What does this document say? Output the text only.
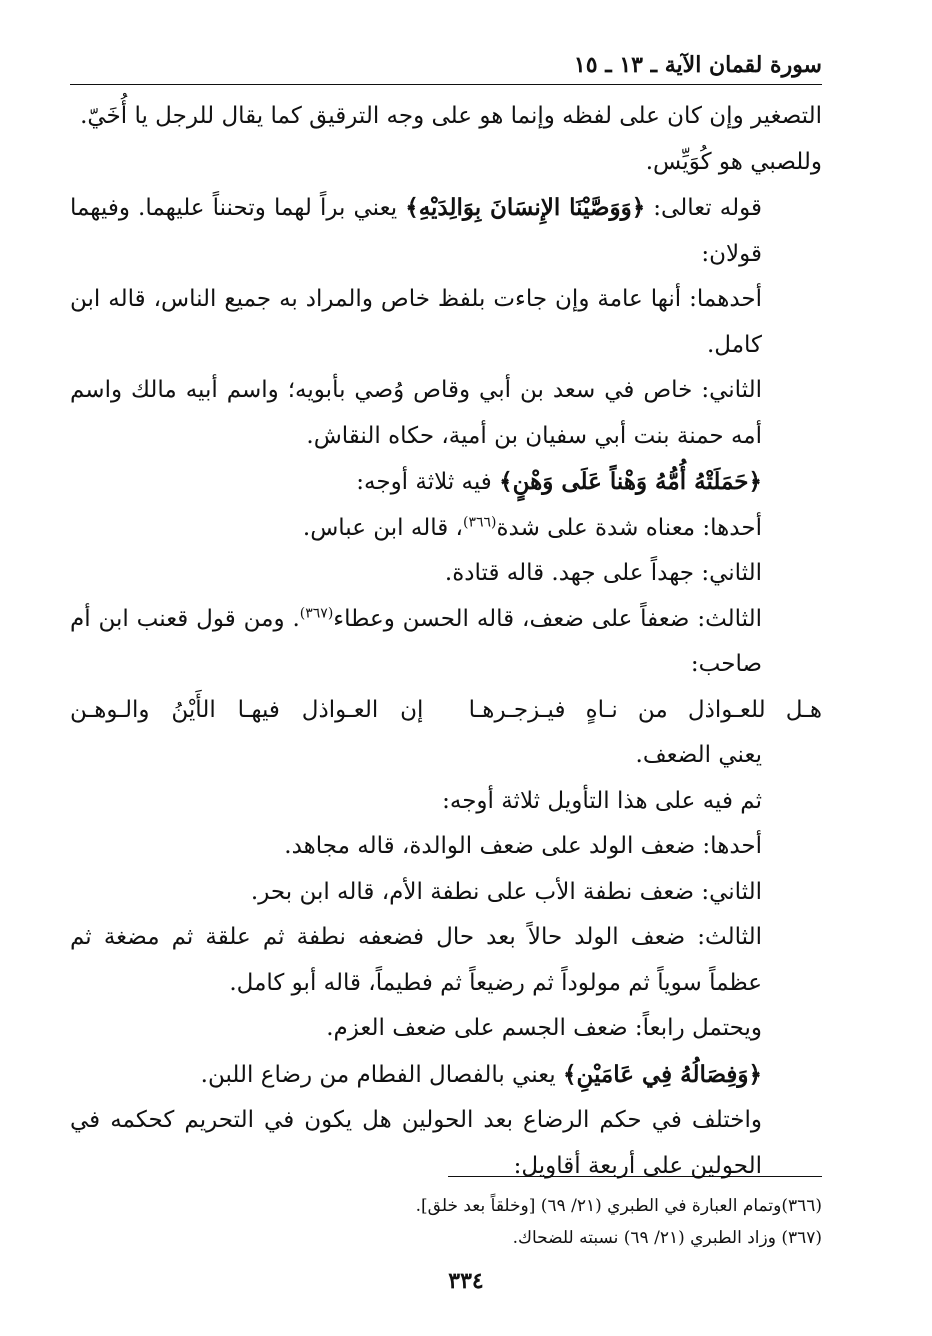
سورة لقمان الآية ـ ١٣ ـ ١٥

التصغير وإن كان على لفظه وإنما هو على وجه الترقيق كما يقال للرجل يا أُخَيّ.

وللصبي هو كُوَيِّس.

قوله تعالى: ﴿وَوَصَّيْنَا الإِنسَانَ بِوَالِدَيْهِ﴾ يعني براً لهما وتحنناً عليهما. وفيهما قولان:

أحدهما: أنها عامة وإن جاءت بلفظ خاص والمراد به جميع الناس، قاله ابن كامل.

الثاني: خاص في سعد بن أبي وقاص وُصي بأبويه؛ واسم أبيه مالك واسم أمه حمنة بنت أبي سفيان بن أمية، حكاه النقاش.

﴿حَمَلَتْهُ أُمُّهُ وَهْناً عَلَى وَهْنٍ﴾ فيه ثلاثة أوجه:

أحدها: معناه شدة على شدة$^{(٣٦٦)}$، قاله ابن عباس.

الثاني: جهداً على جهد. قاله قتادة.

الثالث: ضعفاً على ضعف، قاله الحسن وعطاء$^{(٣٦٧)}$. ومن قول قعنب ابن أم صاحب:

هـل للعـواذل من نـاهٍ فيـزجـرهـا
إن العـواذل فيهـا الأَيْنُ والـوهـن

يعني الضعف.

ثم فيه على هذا التأويل ثلاثة أوجه:

أحدها: ضعف الولد على ضعف الوالدة، قاله مجاهد.

الثاني: ضعف نطفة الأب على نطفة الأم، قاله ابن بحر.

الثالث: ضعف الولد حالاً بعد حال فضعفه نطفة ثم علقة ثم مضغة ثم عظماً سوياً ثم مولوداً ثم رضيعاً ثم فطيماً، قاله أبو كامل.

ويحتمل رابعاً: ضعف الجسم على ضعف العزم.

﴿وَفِصَالُهُ فِي عَامَيْنِ﴾ يعني بالفصال الفطام من رضاع اللبن.

واختلف في حكم الرضاع بعد الحولين هل يكون في التحريم كحكمه في الحولين على أربعة أقاويل:

(٣٦٦)وتمام العبارة في الطبري (٢١/ ٦٩) [وخلقاً بعد خلق].

(٣٦٧) وزاد الطبري (٢١/ ٦٩) نسبته للضحاك.

٣٣٤
